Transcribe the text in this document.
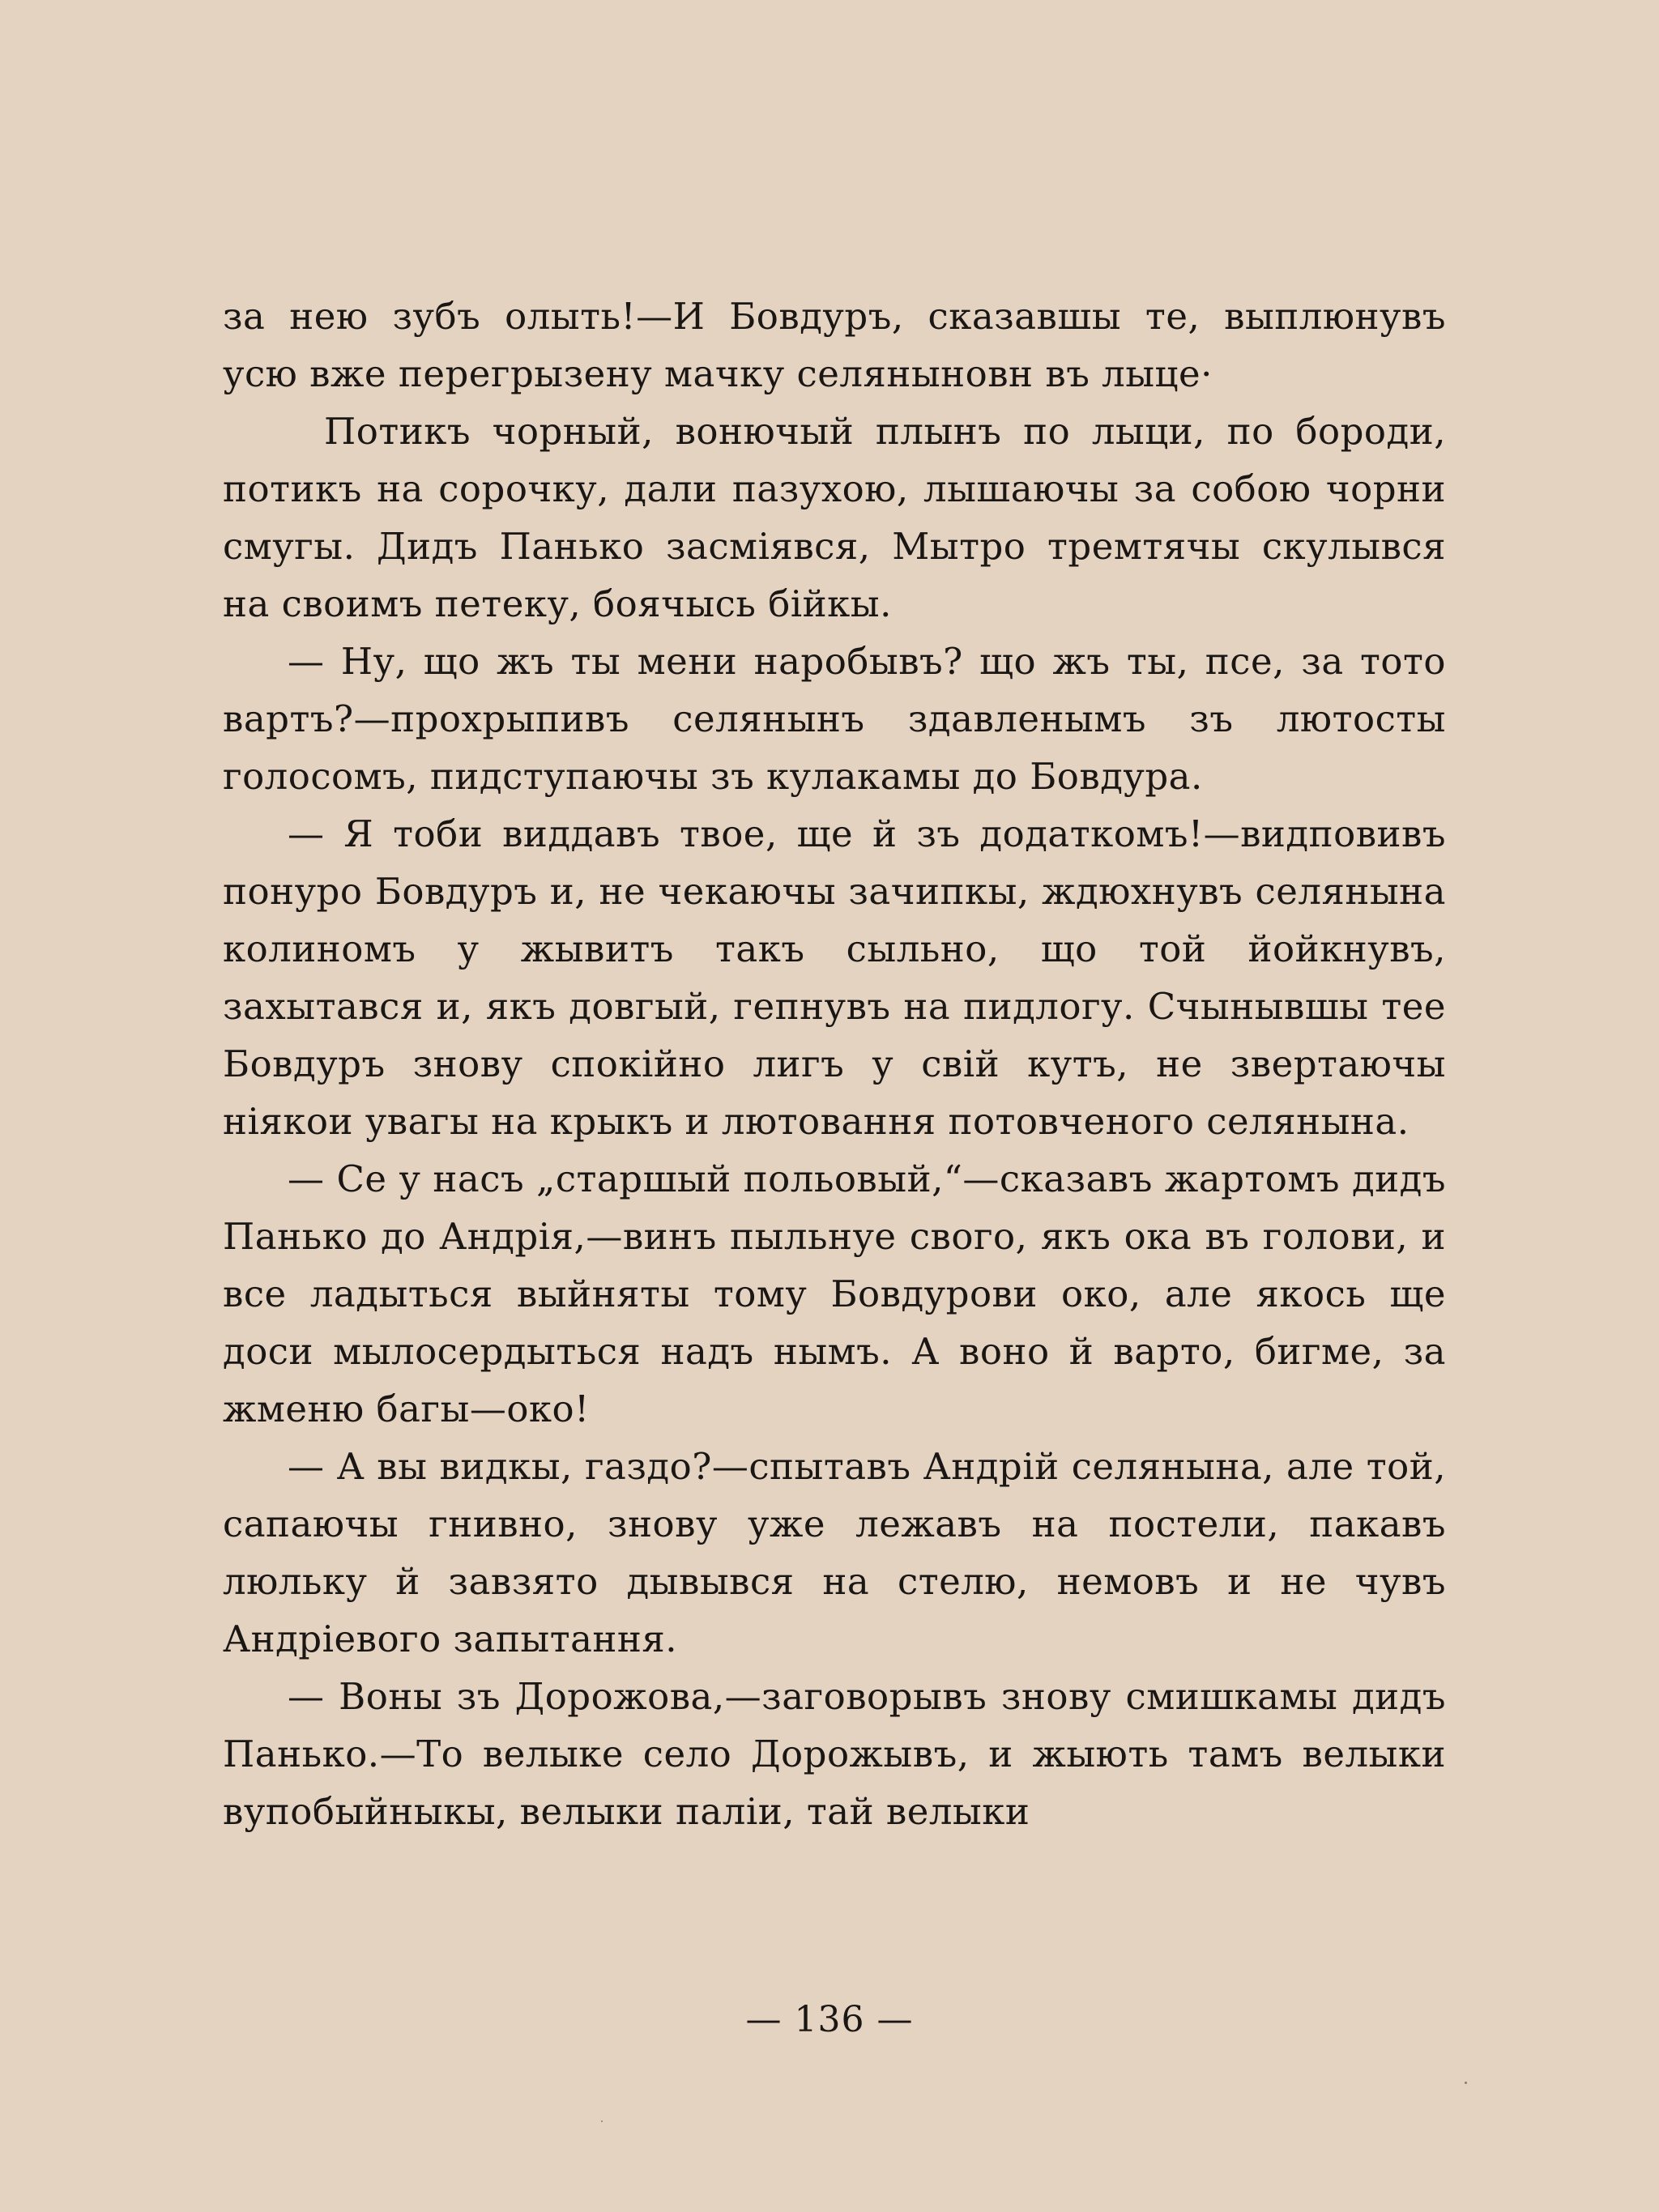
за нею зубъ олыть!—И Бовдуръ, сказавшы те, выплюнувъ усю вже перегрызену мачку селяныновн въ лыце·

Потикъ чорный, вонючый плынъ по лыци, по бороди, потикъ на сорочку, дали пазухою, лышаючы за собою чорни смугы. Дидъ Панько засміявся, Мытро тремтячы скулывся на своимъ петеку, боячысь бійкы.

— Ну, що жъ ты мени наробывъ? що жъ ты, псе, за тото вартъ?—прохрыпивъ селянынъ здавленымъ зъ лютосты голосомъ, пидступаючы зъ кулакамы до Бовдура.

— Я тоби виддавъ твое, ще й зъ додаткомъ!—видповивъ понуро Бовдуръ и, не чекаючы зачипкы, ждюхнувъ селянына колиномъ у жывитъ такъ сыльно, що той йойкнувъ, захытався и, якъ довгый, гепнувъ на пидлогу. Счынывшы тее Бовдуръ знову спокійно лигъ у свій кутъ, не звертаючы ніякои увагы на крыкъ и лютовання потовченого селянына.

— Се у насъ „старшый польовый,“—сказавъ жартомъ дидъ Панько до Андрія,—винъ пыльнуе свого, якъ ока въ голови, и все ладыться выйняты тому Бовдурови око, але якось ще доси мылосердыться надъ нымъ. А воно й варто, бигме, за жменю багы—око!

— А вы видкы, газдо?—спытавъ Андрій селянына, але той, сапаючы гнивно, знову уже лежавъ на постели, пакавъ люльку й завзято дывывся на стелю, немовъ и не чувъ Андріевого запытання.

— Воны зъ Дорожова,—заговорывъ знову смишкамы дидъ Панько.—То велыке село Дорожывъ, и жыють тамъ велыки вупобыйныкы, велыки паліи, тай велыки

— 136 —
